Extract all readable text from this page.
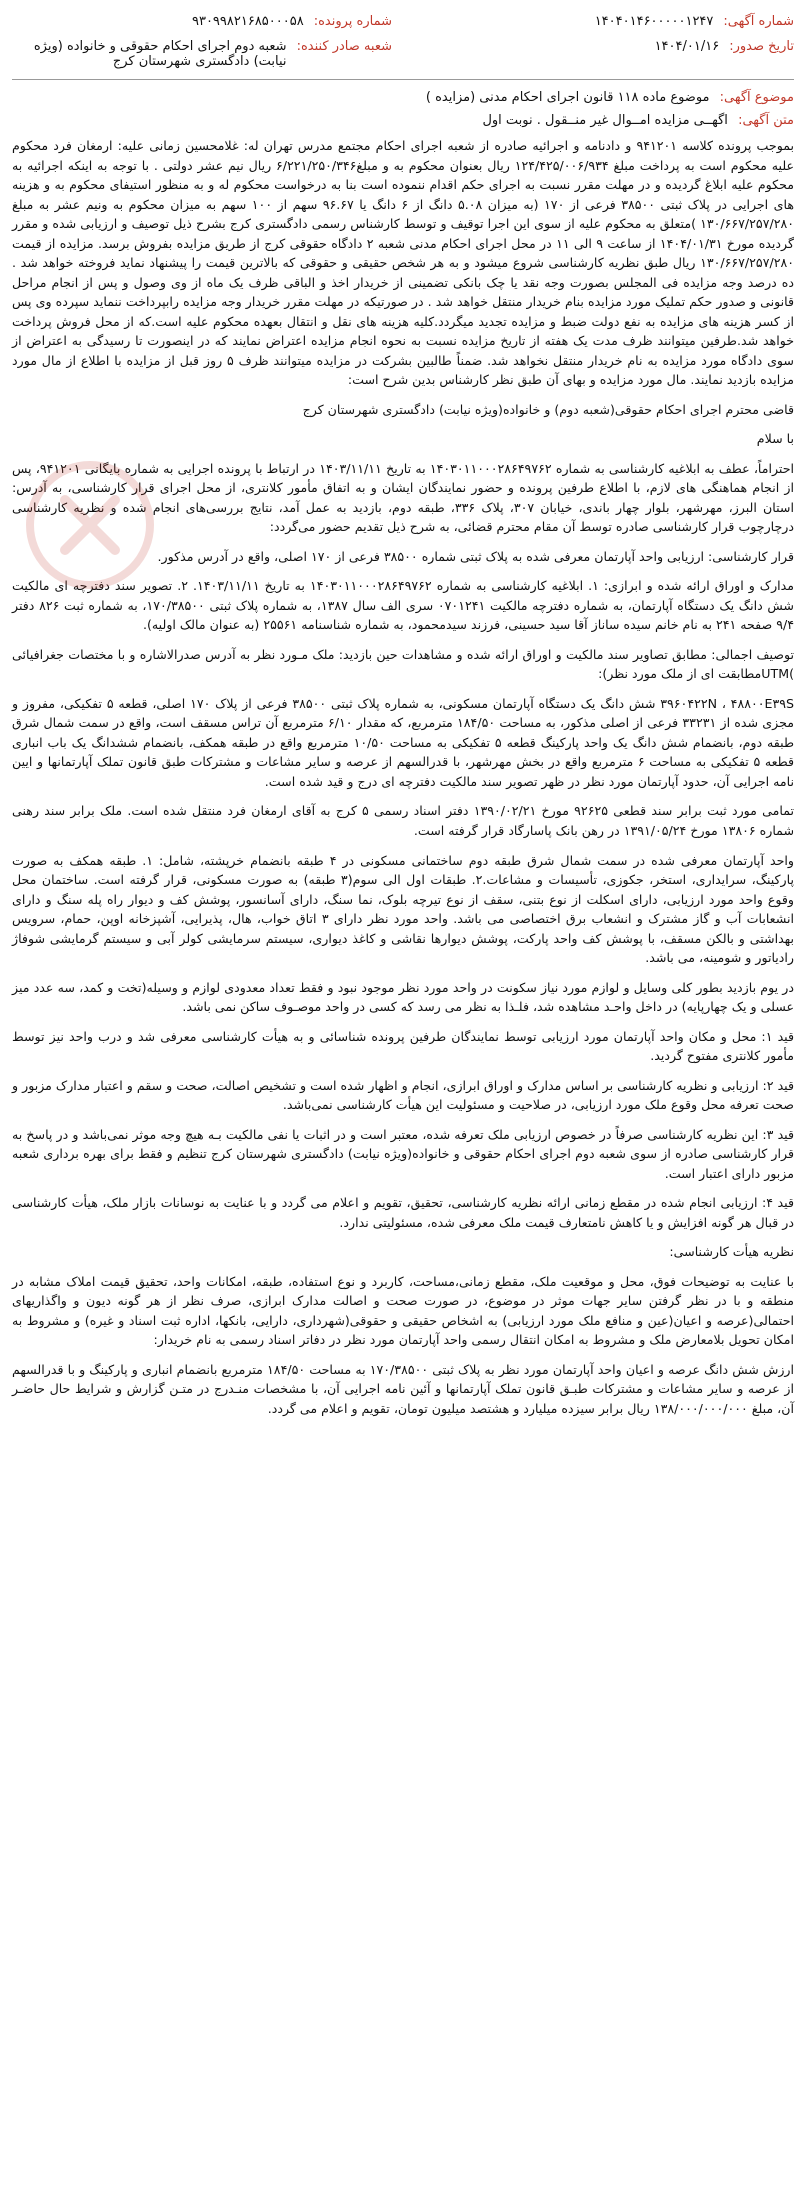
شماره آگهی:
۱۴۰۴۰۱۴۶۰۰۰۰۰۱۲۴۷
تاریخ صدور:
۱۴۰۴/۰۱/۱۶
شماره پرونده:
۹۳۰۹۹۸۲۱۶۸۵۰۰۰۵۸
شعبه صادر کننده:
شعبه دوم اجرای احکام حقوقی و خانواده (ویژه نیابت) دادگستری شهرستان کرج
موضوع آگهی: موضوع ماده ۱۱۸ قانون اجرای احکام مدنی (مزایده )
متن آگهی: اگهــی مزایده امــوال غیر منــقول . نوبت اول

بموجب پرونده کلاسه ۹۴۱۲۰۱ و دادنامه و اجرائیه صادره از شعبه اجرای احکام مجتمع مدرس تهران له: غلامحسین زمانی علیه: ارمغان فرد محکوم علیه محکوم است به پرداخت مبلغ ۱۲۴/۴۲۵/۰۰۶/۹۳۴ ریال بعنوان محکوم به و مبلغ۶/۲۲۱/۲۵۰/۳۴۶ ریال نیم عشر دولتی . با توجه به اینکه اجرائیه به محکوم علیه ابلاغ گردیده و در مهلت مقرر نسبت به اجرای حکم اقدام ننموده است بنا به درخواست محکوم له و به منظور استیفای محکوم به و هزینه های اجرایی در پلاک ثبتی ۳۸۵۰۰ فرعی از ۱۷۰ (به میزان ۵.۰۸ دانگ از ۶ دانگ یا ۹۶.۶۷ سهم از ۱۰۰ سهم به میزان محکوم به ونیم عشر به مبلغ ۱۳۰/۶۶۷/۲۵۷/۲۸۰ )متعلق به محکوم علیه از سوی این اجرا توقیف و توسط کارشناس رسمی دادگستری کرج بشرح ذیل توصیف و ارزیابی شده و مقرر گردیده مورخ ۱۴۰۴/۰۱/۳۱ از ساعت ۹ الی ۱۱ در محل اجرای احکام مدنی شعبه ۲ دادگاه حقوقی کرج از طریق مزایده بفروش برسد. مزایده از قیمت ۱۳۰/۶۶۷/۲۵۷/۲۸۰ ریال طبق نظریه کارشناسی شروع میشود و به هر شخص حقیقی و حقوقی که بالاترین قیمت را پیشنهاد نماید فروخته خواهد شد . ده درصد وجه مزایده فی المجلس بصورت وجه نقد یا چک بانکی تضمینی از خریدار اخذ و الباقی ظرف یک ماه از وی وصول و پس از انجام مراحل قانونی و صدور حکم تملیک مورد مزایده بنام خریدار منتقل خواهد شد . در صورتیکه در مهلت مقرر خریدار وجه مزایده رابپرداخت ننماید سپرده وی پس از کسر هزینه های مزایده به نفع دولت ضبط و مزایده تجدید میگردد.کلیه هزینه های نقل و انتقال بعهده محکوم علیه است.که از محل فروش پرداخت خواهد شد.طرفین میتوانند ظرف مدت یک هفته از تاریخ مزایده نسبت به نحوه انجام مزایده اعتراض نمایند که در اینصورت تا رسیدگی به اعتراض از سوی دادگاه مورد مزایده به نام خریدار منتقل نخواهد شد. ضمناً طالبین بشرکت در مزایده میتوانند ظرف ۵ روز قبل از مزایده با اطلاع از مال مورد مزایده بازدید نمایند. مال مورد مزایده و بهای آن طبق نظر کارشناس بدین شرح است:

قاضی محترم اجرای احکام حقوقی(شعبه دوم) و خانواده(ویژه نیابت) دادگستری شهرستان کرج

با سلام

احتراماً، عطف به ابلاغیه کارشناسی به شماره ۱۴۰۳۰۱۱۰۰۰۲۸۶۴۹۷۶۲ به تاریخ ۱۴۰۳/۱۱/۱۱ در ارتباط با پرونده اجرایی به شماره بایگانی ۹۴۱۲۰۱، پس از انجام هماهنگی های لازم، با اطلاع طرفین پرونده و حضور نمایندگان ایشان و به اتفاق مأمور کلانتری، از محل اجرای قرار کارشناسی، به آدرس: استان البرز، مهرشهر، بلوار چهار باندی، خیابان ۳۰۷، پلاک ۳۳۶، طبقه دوم، بازدید به عمل آمد، نتایج بررسی‌های انجام شده و نظریه کارشناسی درچارچوب قرار کارشناسی صادره توسط آن مقام محترم قضائی، به شرح ذیل تقدیم حضور می‌گردد:

قرار کارشناسی: ارزیابی واحد آپارتمان معرفی شده به پلاک ثبتی شماره ۳۸۵۰۰ فرعی از ۱۷۰ اصلی، واقع در آدرس مذکور.

مدارک و اوراق ارائه شده و ابرازی: ۱. ابلاغیه کارشناسی به شماره ۱۴۰۳۰۱۱۰۰۰۲۸۶۴۹۷۶۲ به تاریخ ۱۴۰۳/۱۱/۱۱. ۲. تصویر سند دفترچه ای مالکیت شش دانگ یک دستگاه آپارتمان، به شماره دفترچه مالکیت ۰۷۰۱۲۴۱ سری الف سال ۱۳۸۷، به شماره پلاک ثبتی ۱۷۰/۳۸۵۰۰، به شماره ثبت ۸۲۶ دفتر ۹/۴ صفحه ۲۴۱ به نام خانم سیده ساناز آقا سید حسینی، فرزند سیدمحمود، به شماره شناسنامه ۲۵۵۶۱ (به عنوان مالک اولیه).

توصیف اجمالی: مطابق تصاویر سند مالکیت و اوراق ارائه شده و مشاهدات حین بازدید: ملک مـورد نظر به آدرس صدرالاشاره و با مختصات جغرافیائی )UTMمطابقت ای از ملک مورد نظر):

۳۹۶۰۴۲۲N ، ۴۸۸۰۰E۳۹S شش دانگ یک دستگاه آپارتمان مسکونی، به شماره پلاک ثبتی ۳۸۵۰۰ فرعی از پلاک ۱۷۰ اصلی، قطعه ۵ تفکیکی، مفروز و مجزی شده از ۳۳۲۳۱ فرعی از اصلی مذکور، به مساحت ۱۸۴/۵۰ مترمربع، که مقدار ۶/۱۰ مترمربع آن تراس مسقف است، واقع در سمت شمال شرق طبقه دوم، بانضمام شش دانگ یک واحد پارکینگ قطعه ۵ تفکیکی به مساحت ۱۰/۵۰ مترمربع واقع در طبقه همکف، بانضمام ششدانگ یک باب انباری قطعه ۵ تفکیکی به مساحت ۶ مترمربع واقع در بخش مهرشهر، با قدرالسهم از عرصه و سایر مشاعات و مشترکات طبق قانون تملک آپارتمانها و ایین نامه اجرایی آن، حدود آپارتمان مورد نظر در ظهر تصویر سند مالکیت دفترچه ای درج و قید شده است.

تمامی مورد ثبت برابر سند قطعی ۹۲۶۲۵ مورخ ۱۳۹۰/۰۲/۲۱ دفتر اسناد رسمی ۵ کرج به آقای ارمغان فرد منتقل شده است. ملک برابر سند رهنی شماره ۱۳۸۰۶ مورخ ۱۳۹۱/۰۵/۲۴ در رهن بانک پاسارگاد قرار گرفته است.

واحد آپارتمان معرفی شده در سمت شمال شرق طبقه دوم ساختمانی مسکونی در ۴ طبقه بانضمام خرپشته، شامل: ۱. طبقه همکف به صورت پارکینگ، سرایداری، استخر، جکوزی، تأسیسات و مشاعات.۲. طبقات اول الی سوم(۳ طبقه) به صورت مسکونی، قرار گرفته است. ساختمان محل وقوع واحد مورد ارزیابی، دارای اسکلت از نوع بتنی، سقف از نوع تیرچه بلوک، نما سنگ، دارای آسانسور، پوشش کف و دیوار راه پله سنگ و دارای انشعابات آب و گاز مشترک و انشعاب برق اختصاصی می باشد. واحد مورد نظر دارای ۳ اتاق خواب، هال، پذیرایی، آشپزخانه اوپن، حمام، سرویس بهداشتی و بالکن مسقف، با پوشش کف واحد پارکت، پوشش دیوارها نقاشی و کاغذ دیواری، سیستم سرمایشی کولر آبی و سیستم گرمایشی شوفاژ رادیاتور و شومینه، می باشد.

در یوم بازدید بطور کلی وسایل و لوازم مورد نیاز سکونت در واحد مورد نظر موجود نبود و فقط تعداد معدودی لوازم و وسیله(تخت و کمد، سه عدد میز عسلی و یک چهارپایه) در داخل واحـد مشاهده شد، فلـذا به نظر می رسد که کسی در واحد موصـوف ساکن نمی باشد.

قید ۱: محل و مکان واحد آپارتمان مورد ارزیابی توسط نمایندگان طرفین پرونده شناسائی و به هیأت کارشناسی معرفی شد و درب واحد نیز توسط مأمور کلانتری مفتوح گردید.

قید ۲: ارزیابی و نظریه کارشناسی بر اساس مدارک و اوراق ابرازی، انجام و اظهار شده است و تشخیص اصالت، صحت و سقم و اعتبار مدارک مزبور و صحت تعرفه محل وقوع ملک مورد ارزیابی، در صلاحیت و مسئولیت این هیأت کارشناسی نمی‌باشد.

قید ۳: این نظریه کارشناسی صرفاً در خصوص ارزیابی ملک تعرفه شده، معتبر است و در اثبات یا نفی مالکیت بـه هیچ وجه موثر نمی‌باشد و در پاسخ به قرار کارشناسی صادره از سوی شعبه دوم اجرای احکام حقوقی و خانواده(ویژه نیابت) دادگستری شهرستان کرج تنظیم و فقط برای بهره برداری شعبه مزبور دارای اعتبار است.

قید ۴: ارزیابی انجام شده در مقطع زمانی ارائه نظریه کارشناسی، تحقیق، تقویم و اعلام می گردد و با عنایت به نوسانات بازار ملک، هیأت کارشناسی در قبال هر گونه افزایش و یا کاهش نامتعارف قیمت ملک معرفی شده، مسئولیتی ندارد.

نظریه هیأت کارشناسی:

با عنایت به توضیحات فوق، محل و موقعیت ملک، مقطع زمانی،مساحت، کاربرد و نوع استفاده، طبقه، امکانات واحد، تحقیق قیمت املاک مشابه در منطقه و با در نظر گرفتن سایر جهات موثر در موضوع، در صورت صحت و اصالت مدارک ابرازی، صرف نظر از هر گونه دیون و واگذاریهای احتمالی(عرصه و اعیان(عین و منافع ملک مورد ارزیابی) به اشخاص حقیقی و حقوقی(شهرداری، دارایی، بانکها، اداره ثبت اسناد و غیره) و مشروط به امکان تحویل بلامعارض ملک و مشروط به امکان انتقال رسمی واحد آپارتمان مورد نظر در دفاتر اسناد رسمی به نام خریدار:

ارزش شش دانگ عرصه و اعیان واحد آپارتمان مورد نظر به پلاک ثبتی ۱۷۰/۳۸۵۰۰ به مساحت ۱۸۴/۵۰ مترمربع بانضمام انباری و پارکینگ و با قدرالسهم از عرصه و سایر مشاعات و مشترکات طبـق قانون تملک آپارتمانها و آئین نامه اجرایی آن، با مشخصات منـدرج در متـن گزارش و شرایط حال حاضـر آن، مبلغ ۱۳۸/۰۰۰/۰۰۰/۰۰۰ ریال برابر سیزده میلیارد و هشتصد میلیون تومان، تقویم و اعلام می گردد.
